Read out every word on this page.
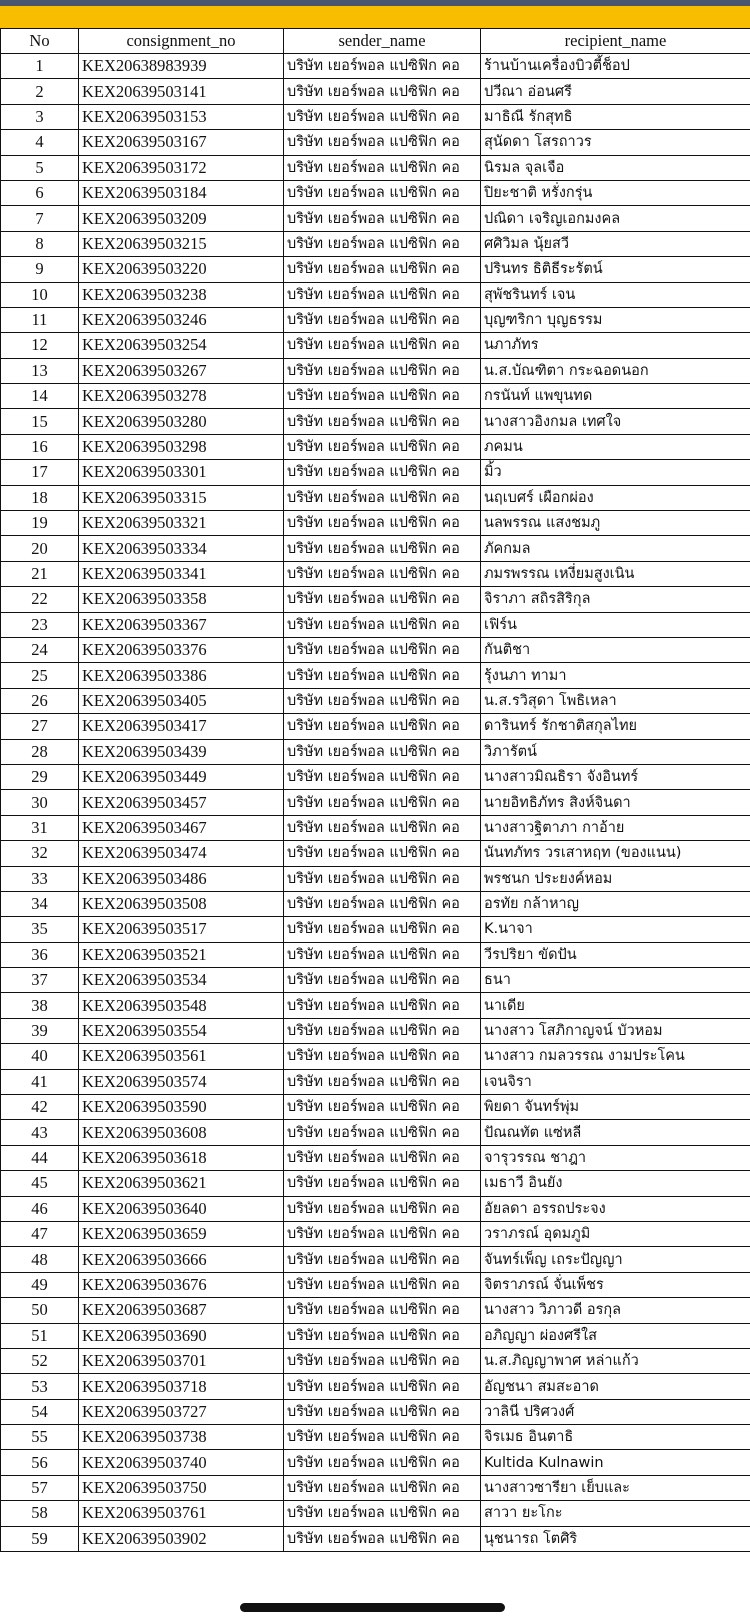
No	consignment_no	sender_name	recipient_name
1	KEX20638983939	บริษัท เยอร์พอล แปซิฟิก คอ	ร้านบ้านเครื่องบิวตี้ช็อป
2	KEX20639503141	บริษัท เยอร์พอล แปซิฟิก คอ	ปวีณา อ่อนศรี
3	KEX20639503153	บริษัท เยอร์พอล แปซิฟิก คอ	มาธิณี รักสุทธิ
4	KEX20639503167	บริษัท เยอร์พอล แปซิฟิก คอ	สุนัดดา โสรถาวร
5	KEX20639503172	บริษัท เยอร์พอล แปซิฟิก คอ	นิรมล จุลเจือ
6	KEX20639503184	บริษัท เยอร์พอล แปซิฟิก คอ	ปิยะชาติ หรั่งกรุ่น
7	KEX20639503209	บริษัท เยอร์พอล แปซิฟิก คอ	ปณิดา เจริญเอกมงคล
8	KEX20639503215	บริษัท เยอร์พอล แปซิฟิก คอ	ศศิวิมล นุ้ยสวี
9	KEX20639503220	บริษัท เยอร์พอล แปซิฟิก คอ	ปรินทร ธิติธีระรัตน์
10	KEX20639503238	บริษัท เยอร์พอล แปซิฟิก คอ	สุพัชรินทร์ เจน
11	KEX20639503246	บริษัท เยอร์พอล แปซิฟิก คอ	บุญฑริกา บุญธรรม
12	KEX20639503254	บริษัท เยอร์พอล แปซิฟิก คอ	นภาภัทร
13	KEX20639503267	บริษัท เยอร์พอล แปซิฟิก คอ	น.ส.บัณฑิตา กระฉอดนอก
14	KEX20639503278	บริษัท เยอร์พอล แปซิฟิก คอ	กรนันท์ แพขุนทด
15	KEX20639503280	บริษัท เยอร์พอล แปซิฟิก คอ	นางสาวอิงกมล เทศใจ
16	KEX20639503298	บริษัท เยอร์พอล แปซิฟิก คอ	ภคมน
17	KEX20639503301	บริษัท เยอร์พอล แปซิฟิก คอ	มิ้ว
18	KEX20639503315	บริษัท เยอร์พอล แปซิฟิก คอ	นฤเบศร์ เผือกผ่อง
19	KEX20639503321	บริษัท เยอร์พอล แปซิฟิก คอ	นลพรรณ แสงชมภู
20	KEX20639503334	บริษัท เยอร์พอล แปซิฟิก คอ	ภัคกมล
21	KEX20639503341	บริษัท เยอร์พอล แปซิฟิก คอ	ภมรพรรณ เหงี่ยมสูงเนิน
22	KEX20639503358	บริษัท เยอร์พอล แปซิฟิก คอ	จิราภา สถิรสิริกุล
23	KEX20639503367	บริษัท เยอร์พอล แปซิฟิก คอ	เฟิร์น
24	KEX20639503376	บริษัท เยอร์พอล แปซิฟิก คอ	กันติชา
25	KEX20639503386	บริษัท เยอร์พอล แปซิฟิก คอ	รุ้งนภา ทามา
26	KEX20639503405	บริษัท เยอร์พอล แปซิฟิก คอ	น.ส.รวิสุดา โพธิเหลา
27	KEX20639503417	บริษัท เยอร์พอล แปซิฟิก คอ	ดารินทร์ รักชาติสกุลไทย
28	KEX20639503439	บริษัท เยอร์พอล แปซิฟิก คอ	วิภารัตน์
29	KEX20639503449	บริษัท เยอร์พอล แปซิฟิก คอ	นางสาวมิณธิรา จังอินทร์
30	KEX20639503457	บริษัท เยอร์พอล แปซิฟิก คอ	นายอิทธิภัทร สิงห์จินดา
31	KEX20639503467	บริษัท เยอร์พอล แปซิฟิก คอ	นางสาวฐิตาภา กาอ้าย
32	KEX20639503474	บริษัท เยอร์พอล แปซิฟิก คอ	นันทภัทร วรเสาหฤท (ของแนน)
33	KEX20639503486	บริษัท เยอร์พอล แปซิฟิก คอ	พรชนก ประยงค์หอม
34	KEX20639503508	บริษัท เยอร์พอล แปซิฟิก คอ	อรทัย กล้าหาญ
35	KEX20639503517	บริษัท เยอร์พอล แปซิฟิก คอ	K.นาจา
36	KEX20639503521	บริษัท เยอร์พอล แปซิฟิก คอ	วีรปริยา ขัดปัน
37	KEX20639503534	บริษัท เยอร์พอล แปซิฟิก คอ	ธนา
38	KEX20639503548	บริษัท เยอร์พอล แปซิฟิก คอ	นาเดีย
39	KEX20639503554	บริษัท เยอร์พอล แปซิฟิก คอ	นางสาว โสภิกาญจน์ บัวหอม
40	KEX20639503561	บริษัท เยอร์พอล แปซิฟิก คอ	นางสาว กมลวรรณ งามประโคน
41	KEX20639503574	บริษัท เยอร์พอล แปซิฟิก คอ	เจนจิรา
42	KEX20639503590	บริษัท เยอร์พอล แปซิฟิก คอ	พิยดา จันทร์พุ่ม
43	KEX20639503608	บริษัท เยอร์พอล แปซิฟิก คอ	ปัณณทัต แซ่หลี
44	KEX20639503618	บริษัท เยอร์พอล แปซิฟิก คอ	จารุวรรณ ชาฎา
45	KEX20639503621	บริษัท เยอร์พอล แปซิฟิก คอ	เมธาวี อินยัง
46	KEX20639503640	บริษัท เยอร์พอล แปซิฟิก คอ	อัยลดา อรรถประจง
47	KEX20639503659	บริษัท เยอร์พอล แปซิฟิก คอ	วราภรณ์ อุดมภูมิ
48	KEX20639503666	บริษัท เยอร์พอล แปซิฟิก คอ	จันทร์เพ็ญ เถระปัญญา
49	KEX20639503676	บริษัท เยอร์พอล แปซิฟิก คอ	จิตราภรณ์ จั่นเพ็ชร
50	KEX20639503687	บริษัท เยอร์พอล แปซิฟิก คอ	นางสาว วิภาวดี อรกุล
51	KEX20639503690	บริษัท เยอร์พอล แปซิฟิก คอ	อภิญญา ผ่องศรีใส
52	KEX20639503701	บริษัท เยอร์พอล แปซิฟิก คอ	น.ส.ภิญญาพาศ หล่าแก้ว
53	KEX20639503718	บริษัท เยอร์พอล แปซิฟิก คอ	อัญชนา สมสะอาด
54	KEX20639503727	บริษัท เยอร์พอล แปซิฟิก คอ	วาลินี ปริศวงศ์
55	KEX20639503738	บริษัท เยอร์พอล แปซิฟิก คอ	จิรเมธ อินตาธิ
56	KEX20639503740	บริษัท เยอร์พอล แปซิฟิก คอ	Kultida Kulnawin
57	KEX20639503750	บริษัท เยอร์พอล แปซิฟิก คอ	นางสาวซารียา เย็บและ
58	KEX20639503761	บริษัท เยอร์พอล แปซิฟิก คอ	สาวา ยะโกะ
59	KEX20639503902	บริษัท เยอร์พอล แปซิฟิก คอ	นุชนารถ โตศิริ
